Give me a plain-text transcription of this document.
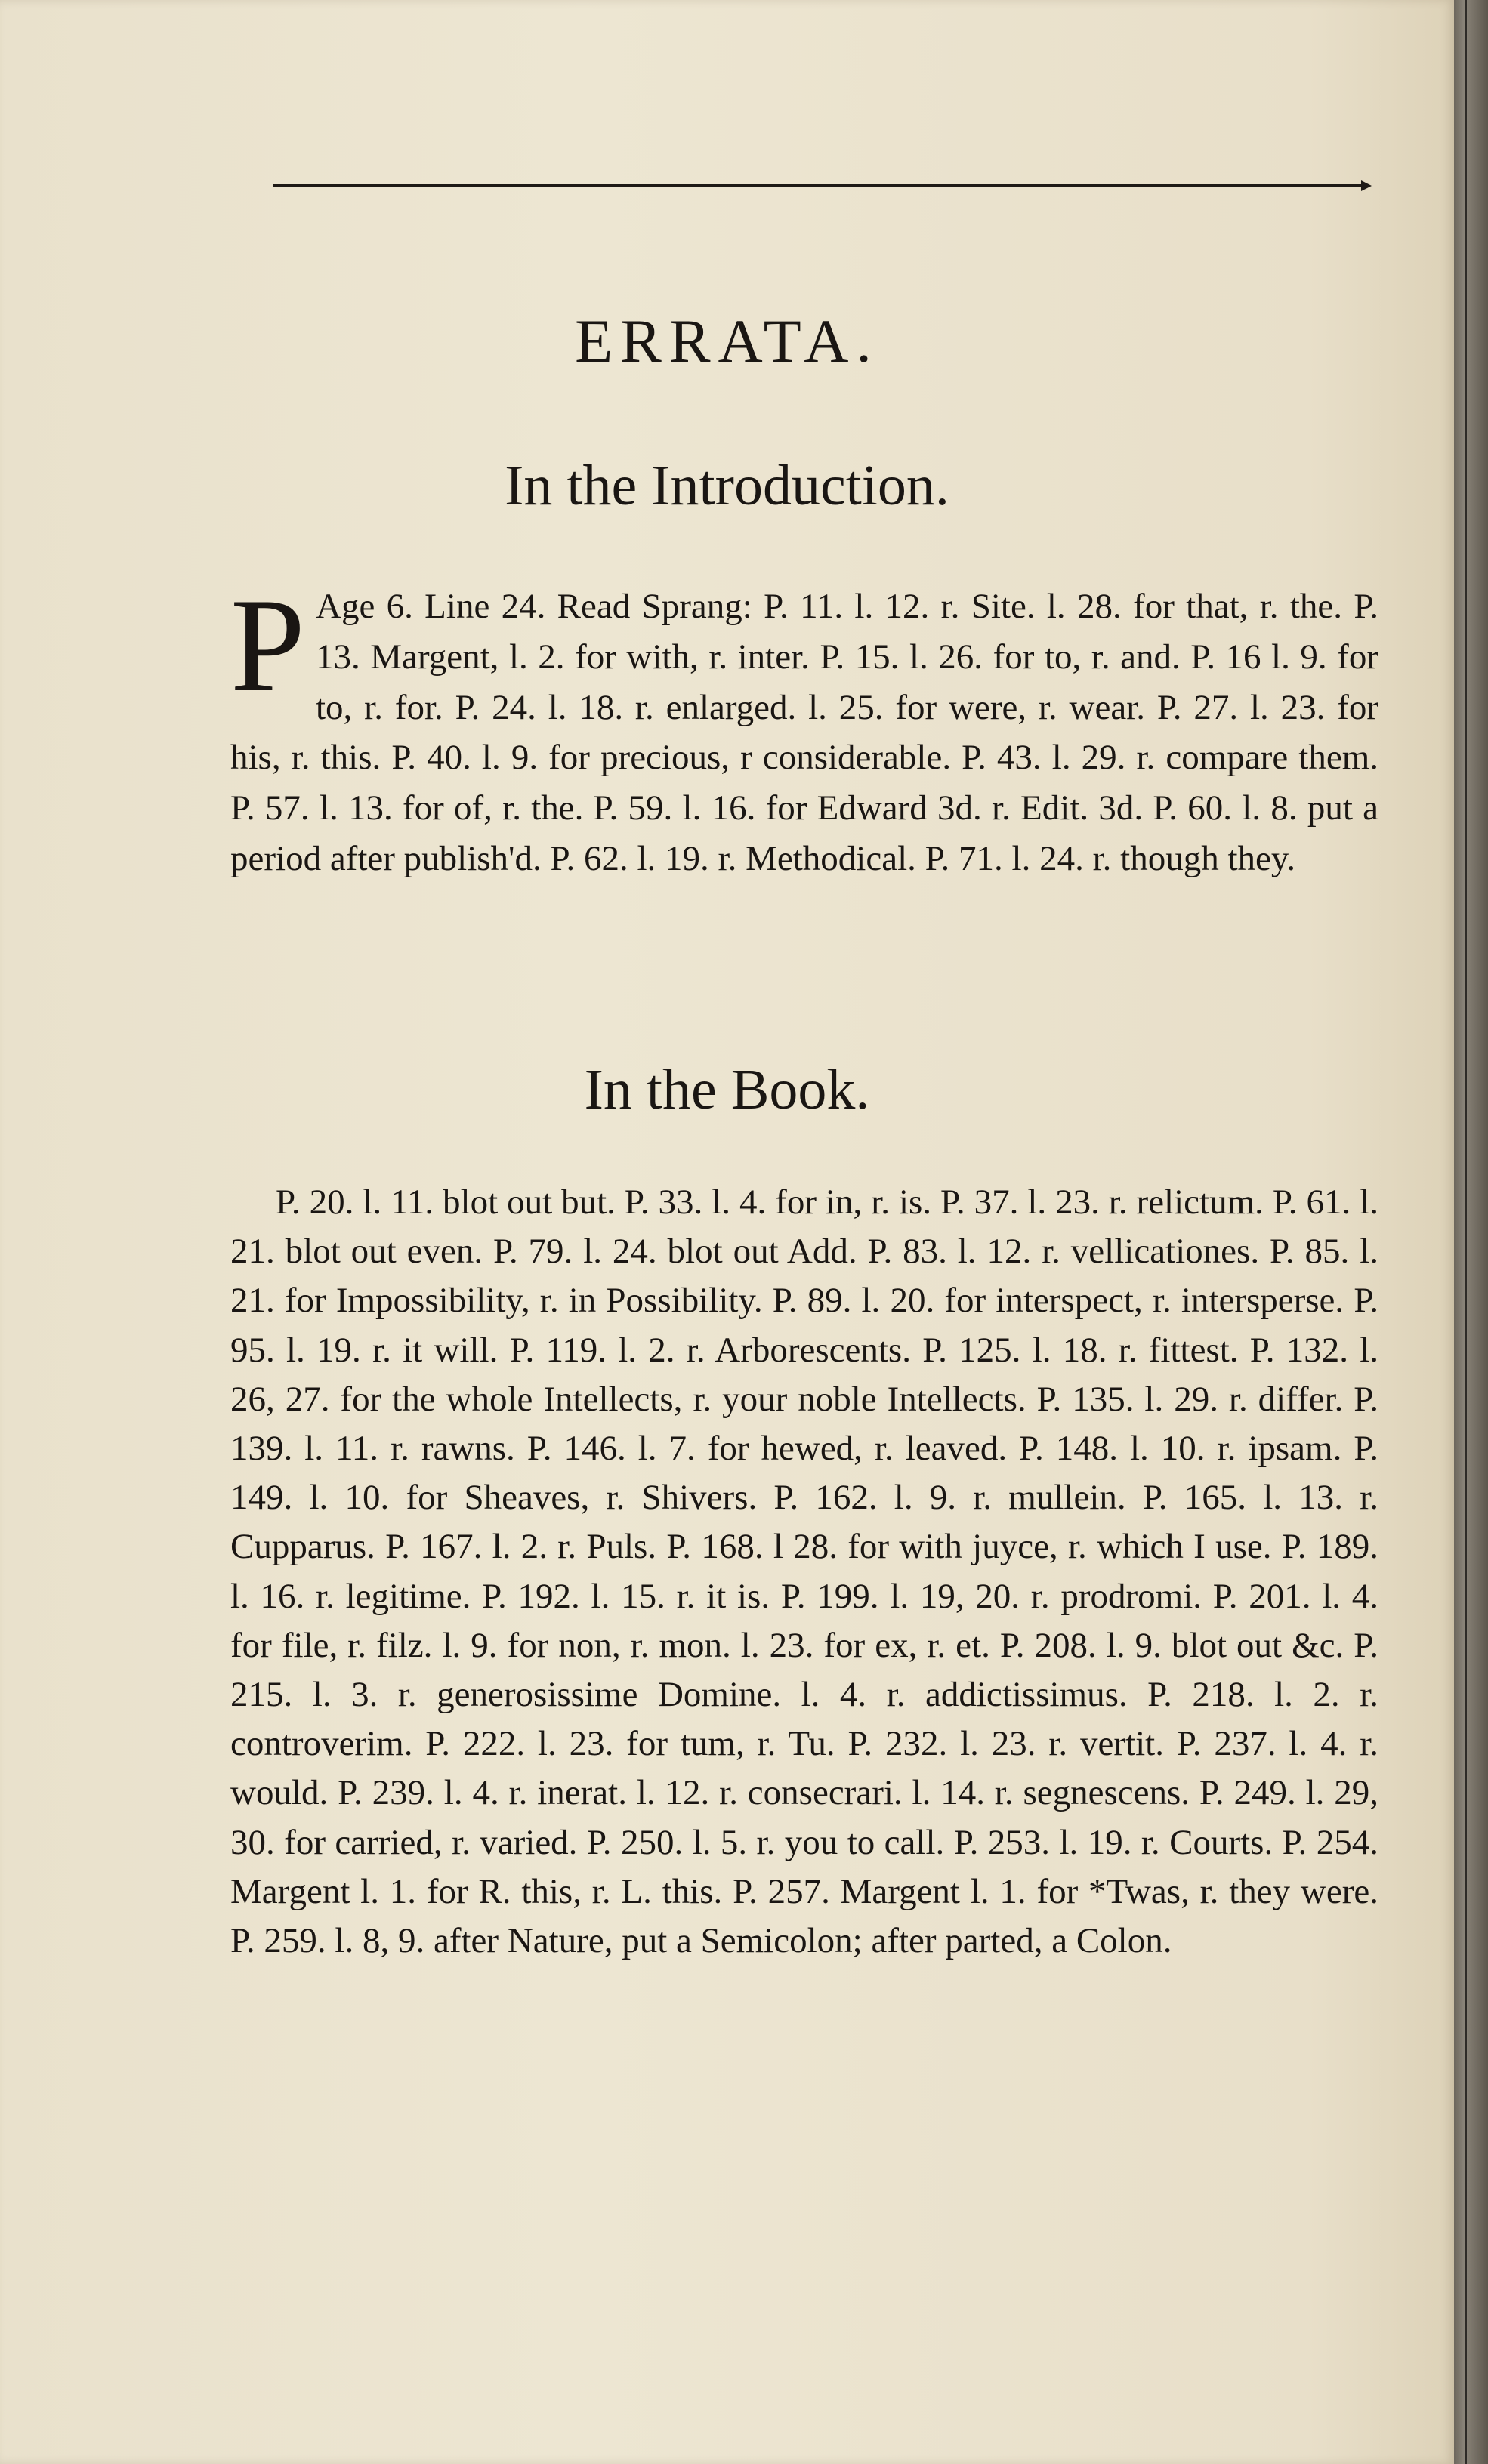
ERRATA.
In the Introduction.

P Age 6. Line 24. Read Sprang: P. 11. l. 12. r. Site. l. 28. for that, r. the. P. 13. Margent, l. 2. for with, r. inter. P. 15. l. 26. for to, r. and. P. 16 l. 9. for to, r. for. P. 24. l. 18. r. enlarged. l. 25. for were, r. wear. P. 27. l. 23. for his, r. this. P. 40. l. 9. for precious, r considerable. P. 43. l. 29. r. compare them. P. 57. l. 13. for of, r. the. P. 59. l. 16. for Edward 3d. r. Edit. 3d. P. 60. l. 8. put a period after publish'd. P. 62. l. 19. r. Methodical. P. 71. l. 24. r. though they.

In the Book.

P. 20. l. 11. blot out but. P. 33. l. 4. for in, r. is. P. 37. l. 23. r. relictum. P. 61. l. 21. blot out even. P. 79. l. 24. blot out Add. P. 83. l. 12. r. vellicationes. P. 85. l. 21. for Impossibility, r. in Possibility. P. 89. l. 20. for interspect, r. intersperse. P. 95. l. 19. r. it will. P. 119. l. 2. r. Arborescents. P. 125. l. 18. r. fittest. P. 132. l. 26, 27. for the whole Intellects, r. your noble Intellects. P. 135. l. 29. r. differ. P. 139. l. 11. r. rawns. P. 146. l. 7. for hewed, r. leaved. P. 148. l. 10. r. ipsam. P. 149. l. 10. for Sheaves, r. Shivers. P. 162. l. 9. r. mullein. P. 165. l. 13. r. Cupparus. P. 167. l. 2. r. Puls. P. 168. l 28. for with juyce, r. which I use. P. 189. l. 16. r. legitime. P. 192. l. 15. r. it is. P. 199. l. 19, 20. r. prodromi. P. 201. l. 4. for file, r. filz. l. 9. for non, r. mon. l. 23. for ex, r. et. P. 208. l. 9. blot out &c. P. 215. l. 3. r. generosissime Domine. l. 4. r. addictissimus. P. 218. l. 2. r. controverim. P. 222. l. 23. for tum, r. Tu. P. 232. l. 23. r. vertit. P. 237. l. 4. r. would. P. 239. l. 4. r. inerat. l. 12. r. consecrari. l. 14. r. segnescens. P. 249. l. 29, 30. for carried, r. varied. P. 250. l. 5. r. you to call. P. 253. l. 19. r. Courts. P. 254. Margent l. 1. for R. this, r. L. this. P. 257. Margent l. 1. for *Twas, r. they were. P. 259. l. 8, 9. after Nature, put a Semicolon; after parted, a Colon.
